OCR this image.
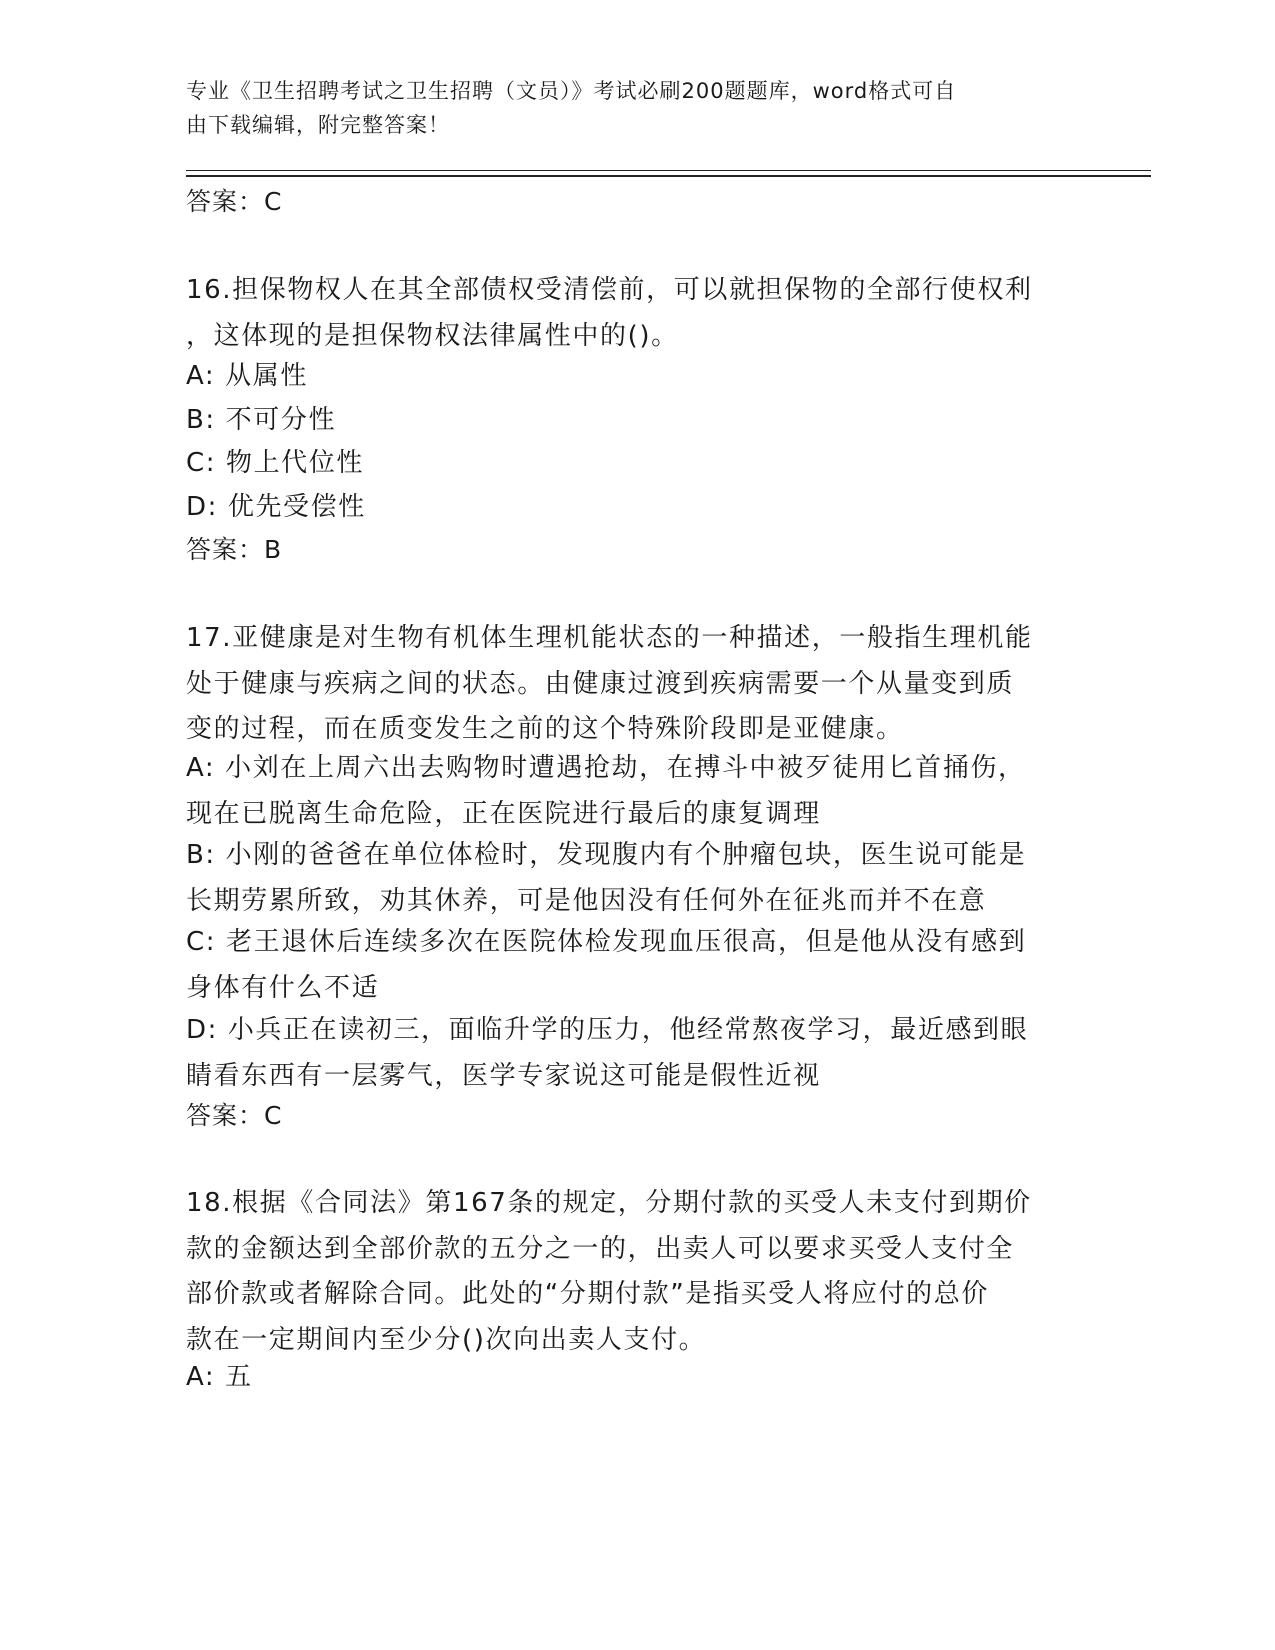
专业《卫生招聘考试之卫生招聘（文员）》考试必刷200题题库，word格式可自
由下载编辑，附完整答案！
答案：C
16.担保物权人在其全部债权受清偿前，可以就担保物的全部行使权利
，这体现的是担保物权法律属性中的()。
A: 从属性
B: 不可分性
C: 物上代位性
D: 优先受偿性
答案：B
17.亚健康是对生物有机体生理机能状态的一种描述，一般指生理机能
处于健康与疾病之间的状态。由健康过渡到疾病需要一个从量变到质
变的过程，而在质变发生之前的这个特殊阶段即是亚健康。
A: 小刘在上周六出去购物时遭遇抢劫，在搏斗中被歹徒用匕首捅伤，
现在已脱离生命危险，正在医院进行最后的康复调理
B: 小刚的爸爸在单位体检时，发现腹内有个肿瘤包块，医生说可能是
长期劳累所致，劝其休养，可是他因没有任何外在征兆而并不在意
C: 老王退休后连续多次在医院体检发现血压很高，但是他从没有感到
身体有什么不适
D: 小兵正在读初三，面临升学的压力，他经常熬夜学习，最近感到眼
睛看东西有一层雾气，医学专家说这可能是假性近视
答案：C
18.根据《合同法》第167条的规定，分期付款的买受人未支付到期价
款的金额达到全部价款的五分之一的，出卖人可以要求买受人支付全
部价款或者解除合同。此处的“分期付款”是指买受人将应付的总价
款在一定期间内至少分()次向出卖人支付。
A: 五
